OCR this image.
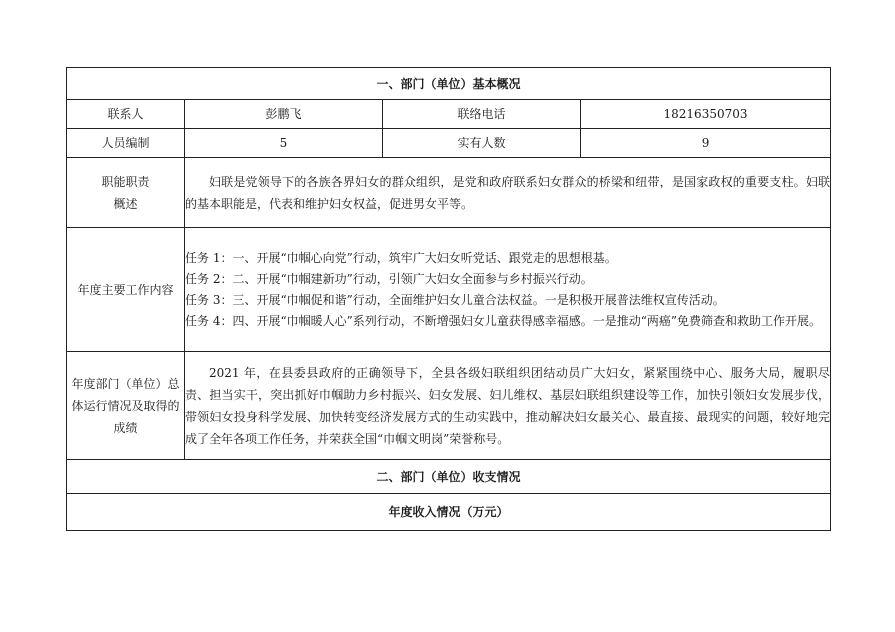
一、部门（单位）基本概况			
联系人	彭鹏飞	联络电话	18216350703
人员编制	5	实有人数	9

职能职责
概述	妇联是党领导下的各族各界妇女的群众组织，是党和政府联系妇女群众的桥梁和纽带，是国家政权的重要支柱。妇联的基本职能是，代表和维护妇女权益，促进男女平等。		
年度主要工作内容	任务 1：一、开展“巾帼心向党”行动，筑牢广大妇女听党话、跟党走的思想根基。
任务 2：二、开展“巾帼建新功”行动，引领广大妇女全面参与乡村振兴行动。
任务 3：三、开展“巾帼促和谐”行动，全面维护妇女儿童合法权益。一是积极开展普法维权宣传活动。
任务 4：四、开展“巾帼暖人心”系列行动，不断增强妇女儿童获得感幸福感。一是推动“两癌”免费筛查和救助工作开展。		

年度部门（单位）总体运行情况及取得的成绩	2021 年，在县委县政府的正确领导下，全县各级妇联组织团结动员广大妇女，紧紧围绕中心、服务大局，履职尽责、担当实干，突出抓好巾帼助力乡村振兴、妇女发展、妇儿维权、基层妇联组织建设等工作，加快引领妇女发展步伐，带领妇女投身科学发展、加快转变经济发展方式的生动实践中，推动解决妇女最关心、最直接、最现实的问题，较好地完成了全年各项工作任务，并荣获全国“巾帼文明岗”荣誉称号。		
二、部门（单位）收支情况			
年度收入情况（万元）			
